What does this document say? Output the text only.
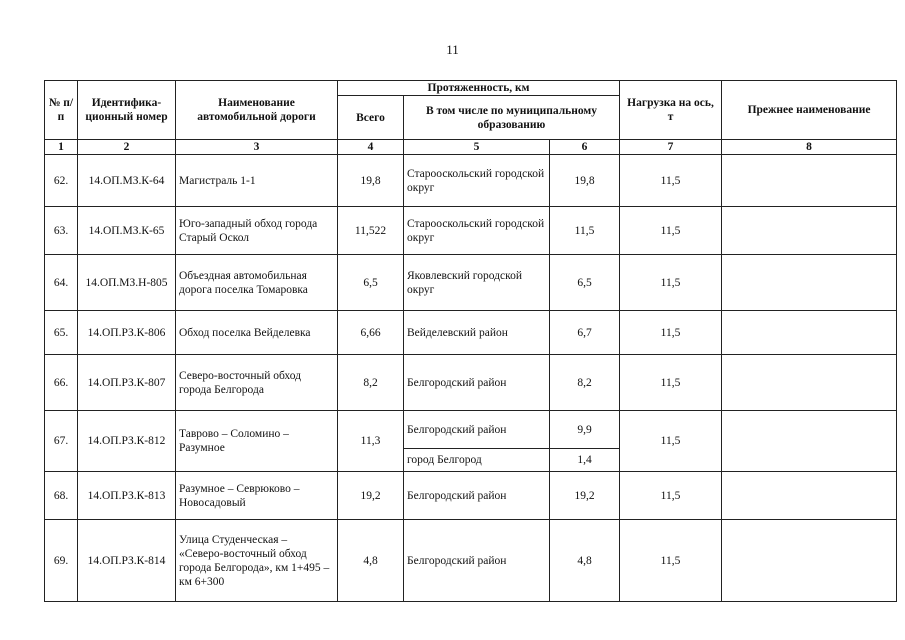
11
№ п/п	Идентифика-ционный номер	Наименование автомобильной дороги	Протяженность, км			Нагрузка на ось, т	Прежнее наименование
			Всего	В том числе по муниципальному образованию			
1	2	3	4	5	6	7	8
62.	14.ОП.МЗ.К-64	Магистраль 1-1	19,8	Старооскольский городской округ	19,8	11,5	
63.	14.ОП.МЗ.К-65	Юго-западный обход города Старый Оскол	11,522	Старооскольский городской округ	11,5	11,5	
64.	14.ОП.МЗ.Н-805	Объездная автомобильная дорога поселка Томаровка	6,5	Яковлевский городской округ	6,5	11,5	
65.	14.ОП.РЗ.К-806	Обход поселка Вейделевка	6,66	Вейделевский район	6,7	11,5	
66.	14.ОП.РЗ.К-807	Северо-восточный обход города Белгорода	8,2	Белгородский район	8,2	11,5	
67.	14.ОП.РЗ.К-812	Таврово – Соломино – Разумное	11,3	Белгородский район	9,9	11,5	
				город Белгород	1,4		
68.	14.ОП.РЗ.К-813	Разумное – Севрюково – Новосадовый	19,2	Белгородский район	19,2	11,5	
69.	14.ОП.РЗ.К-814	Улица Студенческая – «Северо-восточный обход города Белгорода», км 1+495 – км 6+300	4,8	Белгородский район	4,8	11,5	
